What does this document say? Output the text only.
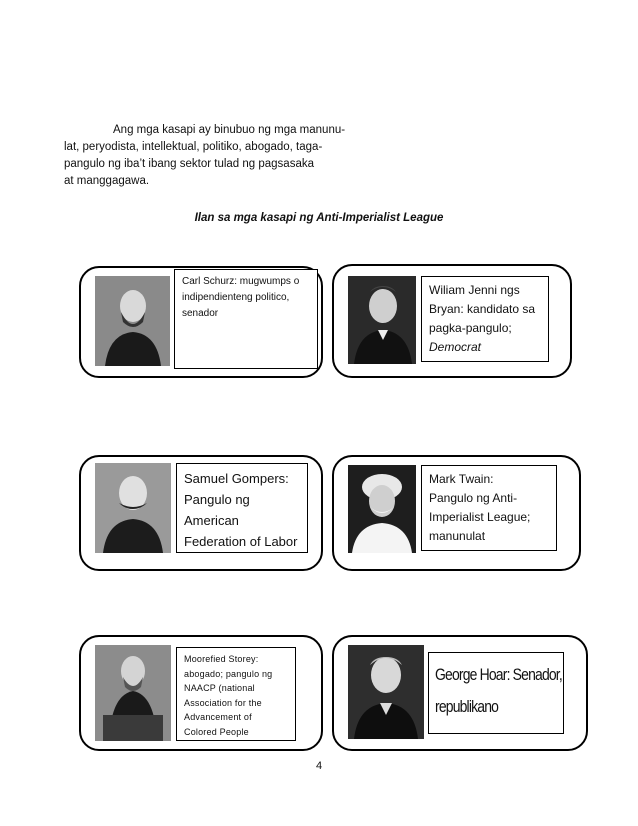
Ang mga kasapi ay binubuo ng mga manunu-
lat, peryodista, intellektual, politiko, abogado, taga-
pangulo ng iba’t ibang sektor tulad ng pagsasaka
at manggagawa.
Ilan sa mga kasapi ng Anti-Imperialist League
Carl Schurz: mugwumps o
indipendienteng politico,
senador
Wiliam Jenni ngs
Bryan: kandidato sa
pagka-pangulo;
Democrat
Samuel Gompers:
Pangulo ng
American
Federation of Labor
Mark Twain:
Pangulo ng Anti-
Imperialist League;
manunulat
Moorefied Storey:
abogado; pangulo ng
NAACP (national
Association for the
Advancement of
Colored People
George Hoar: Senador,
republikano
4
